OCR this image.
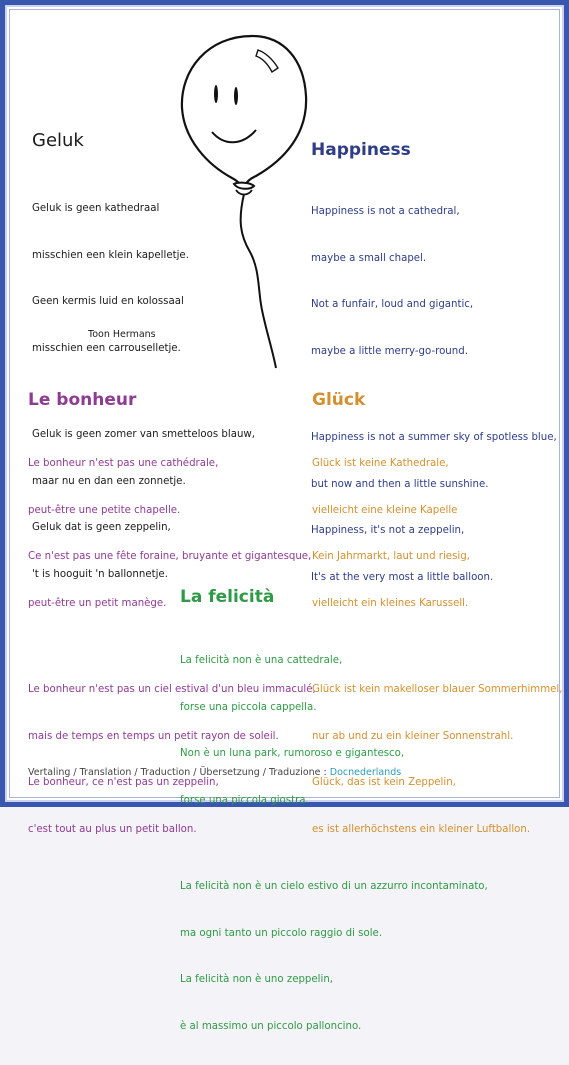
Geluk

Geluk is geen kathedraal

misschien een klein kapelletje.

Geen kermis luid en kolossaal

misschien een carrouselletje.

Geluk is geen zomer van smetteloos blauw,

maar nu en dan een zonnetje.

Geluk dat is geen zeppelin,

't is hooguit 'n ballonnetje.

Toon Hermans
Happiness

Happiness is not a cathedral,

maybe a small chapel.

Not a funfair, loud and gigantic,

maybe a little merry-go-round.

Happiness is not a summer sky of spotless blue,

but now and then a little sunshine.

Happiness, it's not a zeppelin,

It's at the very most a little balloon.

Le bonheur

Le bonheur n'est pas une cathédrale,

peut-être une petite chapelle.

Ce n'est pas une fête foraine, bruyante et gigantesque,

peut-être un petit manège.

Le bonheur n'est pas un ciel estival d'un bleu immaculé,

mais de temps en temps un petit rayon de soleil.

Le bonheur, ce n'est pas un zeppelin,

c'est tout au plus un petit ballon.

Glück

Glück ist keine Kathedrale,

vielleicht eine kleine Kapelle

Kein Jahrmarkt, laut und riesig,

vielleicht ein kleines Karussell.

Glück ist kein makelloser blauer Sommerhimmel,

nur ab und zu ein kleiner Sonnenstrahl.

Glück, das ist kein Zeppelin,

es ist allerhöchstens ein kleiner Luftballon.

La felicità

La felicità non è una cattedrale,

forse una piccola cappella.

Non è un luna park, rumoroso e gigantesco,

forse una piccola giostra.

La felicità non è un cielo estivo di un azzurro incontaminato,

ma ogni tanto un piccolo raggio di sole.

La felicità non è uno zeppelin,

è al massimo un piccolo palloncino.

Vertaling / Translation / Traduction / Übersetzung / Traduzione : Docnederlands
